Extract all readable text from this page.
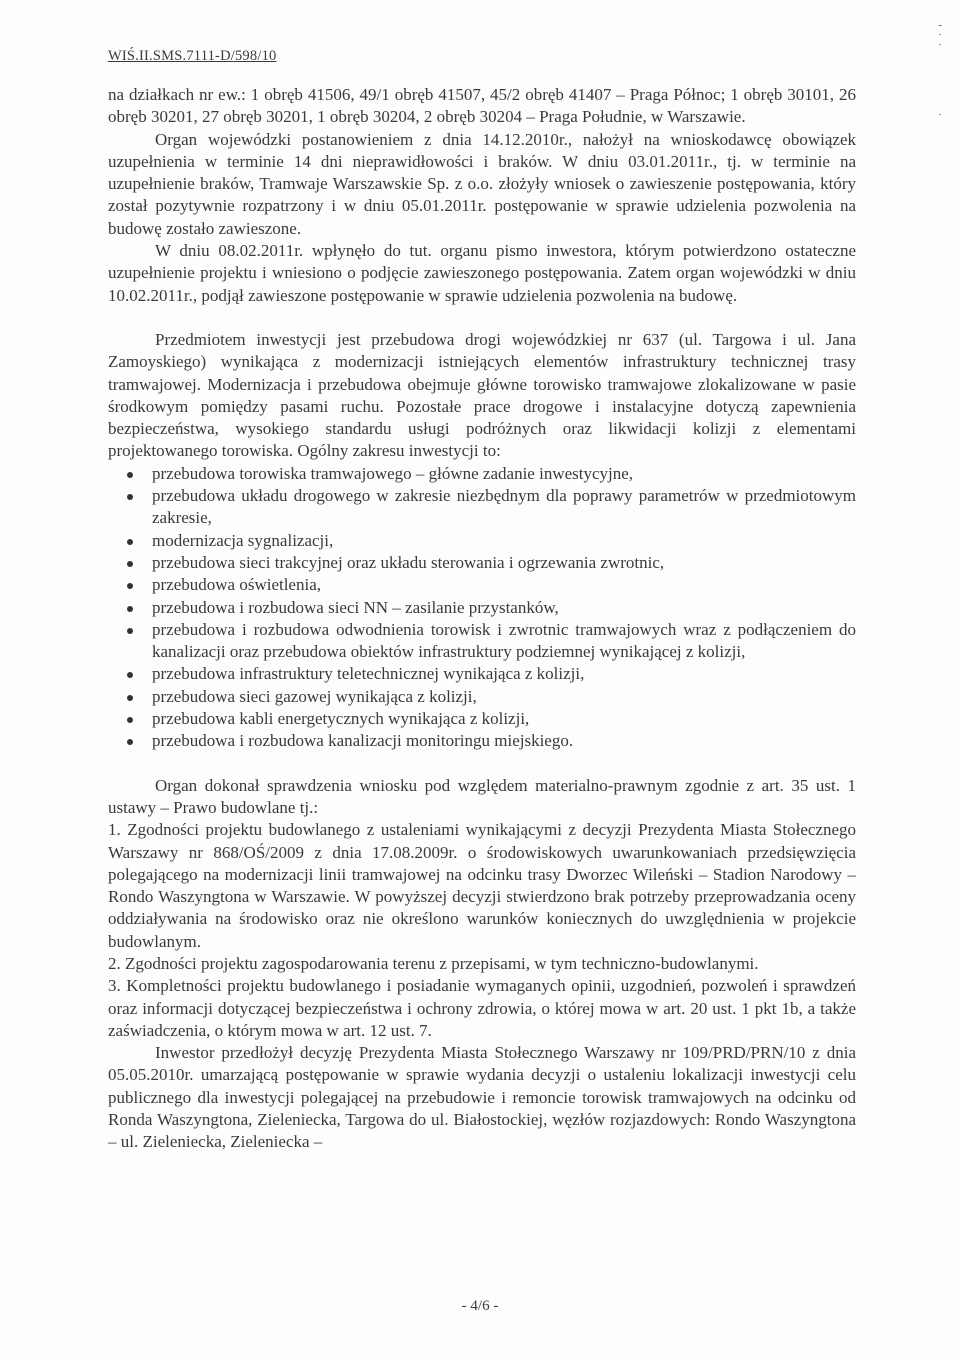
-
·
·

·
WIŚ.II.SMS.7111-D/598/10

na działkach nr ew.: 1 obręb 41506, 49/1 obręb 41507, 45/2 obręb 41407 – Praga Północ; 1 obręb 30101, 26 obręb 30201, 27 obręb 30201, 1 obręb 30204, 2 obręb 30204 – Praga Południe, w Warszawie.

Organ wojewódzki postanowieniem z dnia 14.12.2010r., nałożył na wnioskodawcę obowiązek uzupełnienia w terminie 14 dni nieprawidłowości i braków. W dniu 03.01.2011r., tj. w terminie na uzupełnienie braków, Tramwaje Warszawskie Sp. z o.o. złożyły wniosek o zawieszenie postępowania, który został pozytywnie rozpatrzony i w dniu 05.01.2011r. postępowanie w sprawie udzielenia pozwolenia na budowę zostało zawieszone.

W dniu 08.02.2011r. wpłynęło do tut. organu pismo inwestora, którym potwierdzono ostateczne uzupełnienie projektu i wniesiono o podjęcie zawieszonego postępowania. Zatem organ wojewódzki w dniu 10.02.2011r., podjął zawieszone postępowanie w sprawie udzielenia pozwolenia na budowę.

Przedmiotem inwestycji jest przebudowa drogi wojewódzkiej nr 637 (ul. Targowa i ul. Jana Zamoyskiego) wynikająca z modernizacji istniejących elementów infrastruktury technicznej trasy tramwajowej. Modernizacja i przebudowa obejmuje główne torowisko tramwajowe zlokalizowane w pasie środkowym pomiędzy pasami ruchu. Pozostałe prace drogowe i instalacyjne dotyczą zapewnienia bezpieczeństwa, wysokiego standardu usługi podróżnych oraz likwidacji kolizji z elementami projektowanego torowiska. Ogólny zakresu inwestycji to:

przebudowa torowiska tramwajowego – główne zadanie inwestycyjne,
przebudowa układu drogowego w zakresie niezbędnym dla poprawy parametrów w przedmiotowym zakresie,
modernizacja sygnalizacji,
przebudowa sieci trakcyjnej oraz układu sterowania i ogrzewania zwrotnic,
przebudowa oświetlenia,
przebudowa i rozbudowa sieci NN – zasilanie przystanków,
przebudowa i rozbudowa odwodnienia torowisk i zwrotnic tramwajowych wraz z podłączeniem do kanalizacji oraz przebudowa obiektów infrastruktury podziemnej wynikającej z kolizji,
przebudowa infrastruktury teletechnicznej wynikająca z kolizji,
przebudowa sieci gazowej wynikająca z kolizji,
przebudowa kabli energetycznych wynikająca z kolizji,
przebudowa i rozbudowa kanalizacji monitoringu miejskiego.

Organ dokonał sprawdzenia wniosku pod względem materialno-prawnym zgodnie z art. 35 ust. 1 ustawy – Prawo budowlane tj.:

1. Zgodności projektu budowlanego z ustaleniami wynikającymi z decyzji Prezydenta Miasta Stołecznego Warszawy nr 868/OŚ/2009 z dnia 17.08.2009r. o środowiskowych uwarunkowaniach przedsięwzięcia polegającego na modernizacji linii tramwajowej na odcinku trasy Dworzec Wileński – Stadion Narodowy – Rondo Waszyngtona w Warszawie. W powyższej decyzji stwierdzono brak potrzeby przeprowadzania oceny oddziaływania na środowisko oraz nie określono warunków koniecznych do uwzględnienia w projekcie budowlanym.

2. Zgodności projektu zagospodarowania terenu z przepisami, w tym techniczno-budowlanymi.

3. Kompletności projektu budowlanego i posiadanie wymaganych opinii, uzgodnień, pozwoleń i sprawdzeń oraz informacji dotyczącej bezpieczeństwa i ochrony zdrowia, o której mowa w art. 20 ust. 1 pkt 1b, a także zaświadczenia, o którym mowa w art. 12 ust. 7.

Inwestor przedłożył decyzję Prezydenta Miasta Stołecznego Warszawy nr 109/PRD/PRN/10 z dnia 05.05.2010r. umarzającą postępowanie w sprawie wydania decyzji o ustaleniu lokalizacji inwestycji celu publicznego dla inwestycji polegającej na przebudowie i remoncie torowisk tramwajowych na odcinku od Ronda Waszyngtona, Zieleniecka, Targowa do ul. Białostockiej, węzłów rozjazdowych: Rondo Waszyngtona – ul. Zieleniecka, Zieleniecka –

- 4/6 -
